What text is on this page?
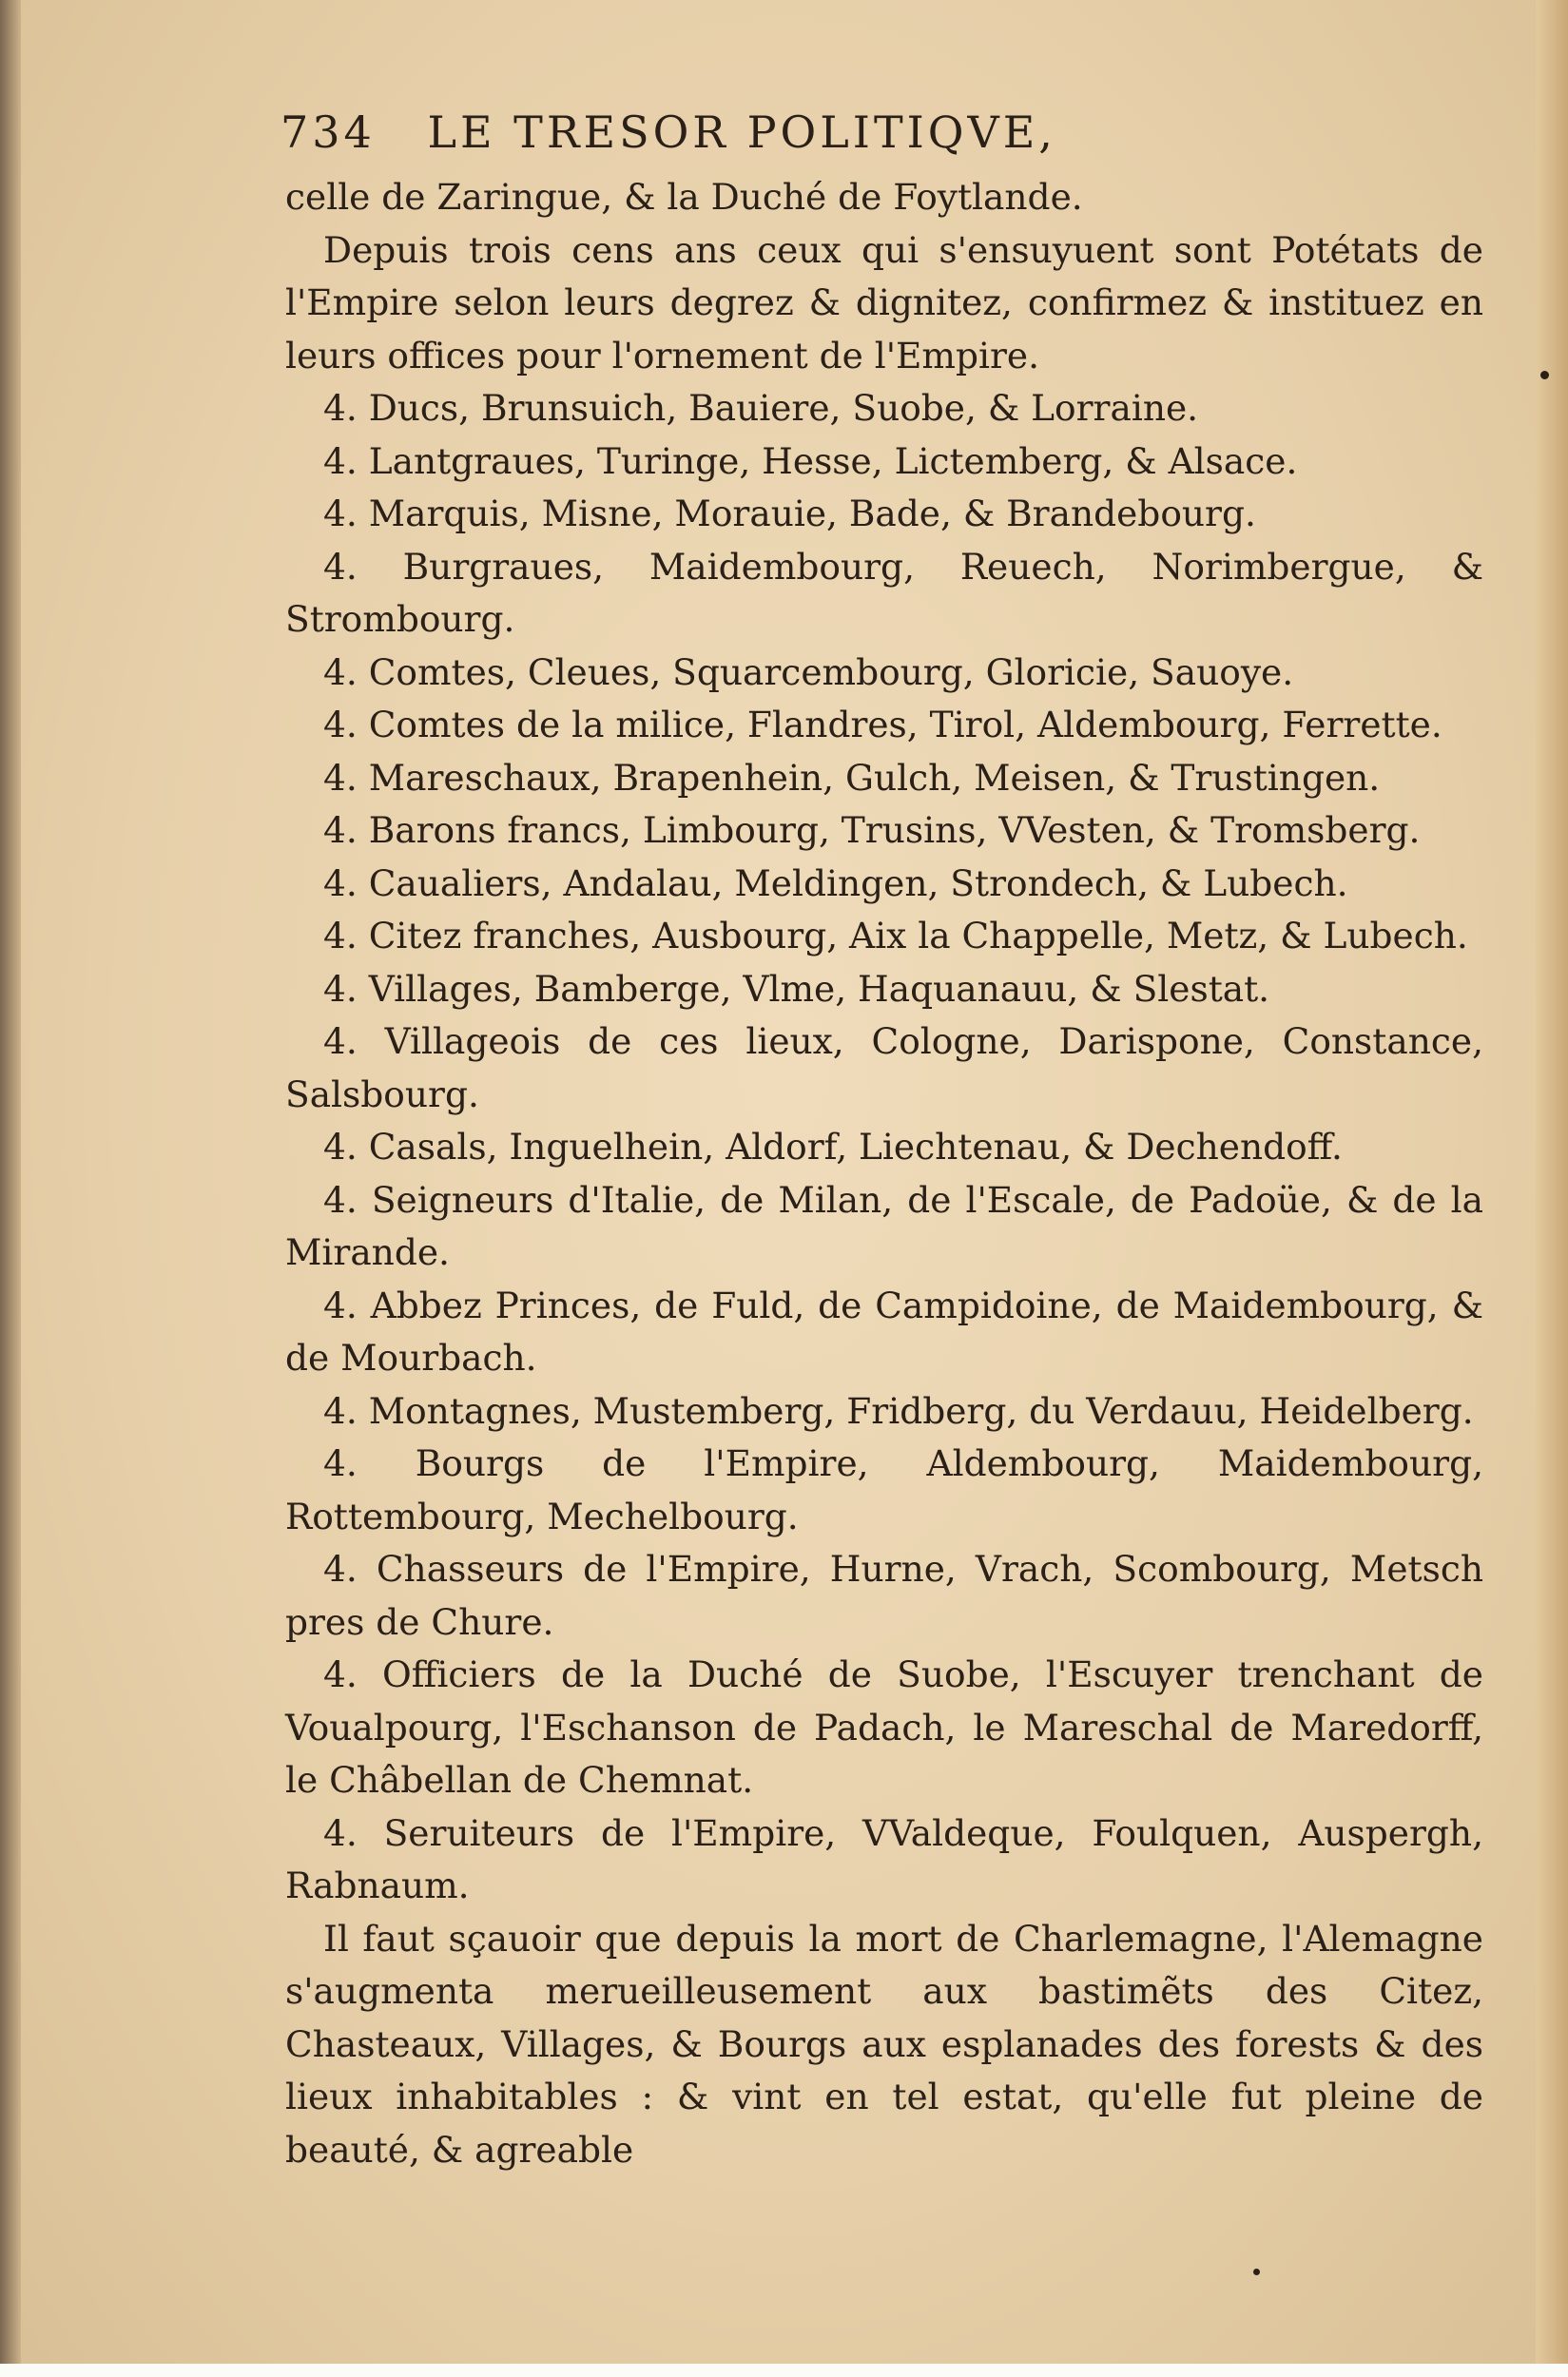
734 LE TRESOR POLITIQVE,

celle de Zaringue, & la Duché de Foytlande.

Depuis trois cens ans ceux qui s'ensuyuent sont Potétats de l'Empire selon leurs degrez & dignitez, confirmez & instituez en leurs offices pour l'ornement de l'Empire.

4. Ducs, Brunsuich, Bauiere, Suobe, & Lorraine.

4. Lantgraues, Turinge, Hesse, Lictemberg, & Alsace.

4. Marquis, Misne, Morauie, Bade, & Brandebourg.

4. Burgraues, Maidembourg, Reuech, Norimbergue, & Strombourg.

4. Comtes, Cleues, Squarcembourg, Gloricie, Sauoye.

4. Comtes de la milice, Flandres, Tirol, Aldembourg, Ferrette.

4. Mareschaux, Brapenhein, Gulch, Meisen, & Trustingen.

4. Barons francs, Limbourg, Trusins, VVesten, & Tromsberg.

4. Caualiers, Andalau, Meldingen, Strondech, & Lubech.

4. Citez franches, Ausbourg, Aix la Chappelle, Metz, & Lubech.

4. Villages, Bamberge, Vlme, Haquanauu, & Slestat.

4. Villageois de ces lieux, Cologne, Darispone, Constance, Salsbourg.

4. Casals, Inguelhein, Aldorf, Liechtenau, & Dechendoff.

4. Seigneurs d'Italie, de Milan, de l'Escale, de Padoüe, & de la Mirande.

4. Abbez Princes, de Fuld, de Campidoine, de Maidembourg, & de Mourbach.

4. Montagnes, Mustemberg, Fridberg, du Verdauu, Heidelberg.

4. Bourgs de l'Empire, Aldembourg, Maidembourg, Rottembourg, Mechelbourg.

4. Chasseurs de l'Empire, Hurne, Vrach, Scombourg, Metsch pres de Chure.

4. Officiers de la Duché de Suobe, l'Escuyer trenchant de Voualpourg, l'Eschanson de Padach, le Mareschal de Maredorff, le Châbellan de Chemnat.

4. Seruiteurs de l'Empire, VValdeque, Foulquen, Auspergh, Rabnaum.

Il faut sçauoir que depuis la mort de Charlemagne, l'Alemagne s'augmenta merueilleusement aux bastimẽts des Citez, Chasteaux, Villages, & Bourgs aux esplanades des forests & des lieux inhabitables : & vint en tel estat, qu'elle fut pleine de beauté, & agreable
